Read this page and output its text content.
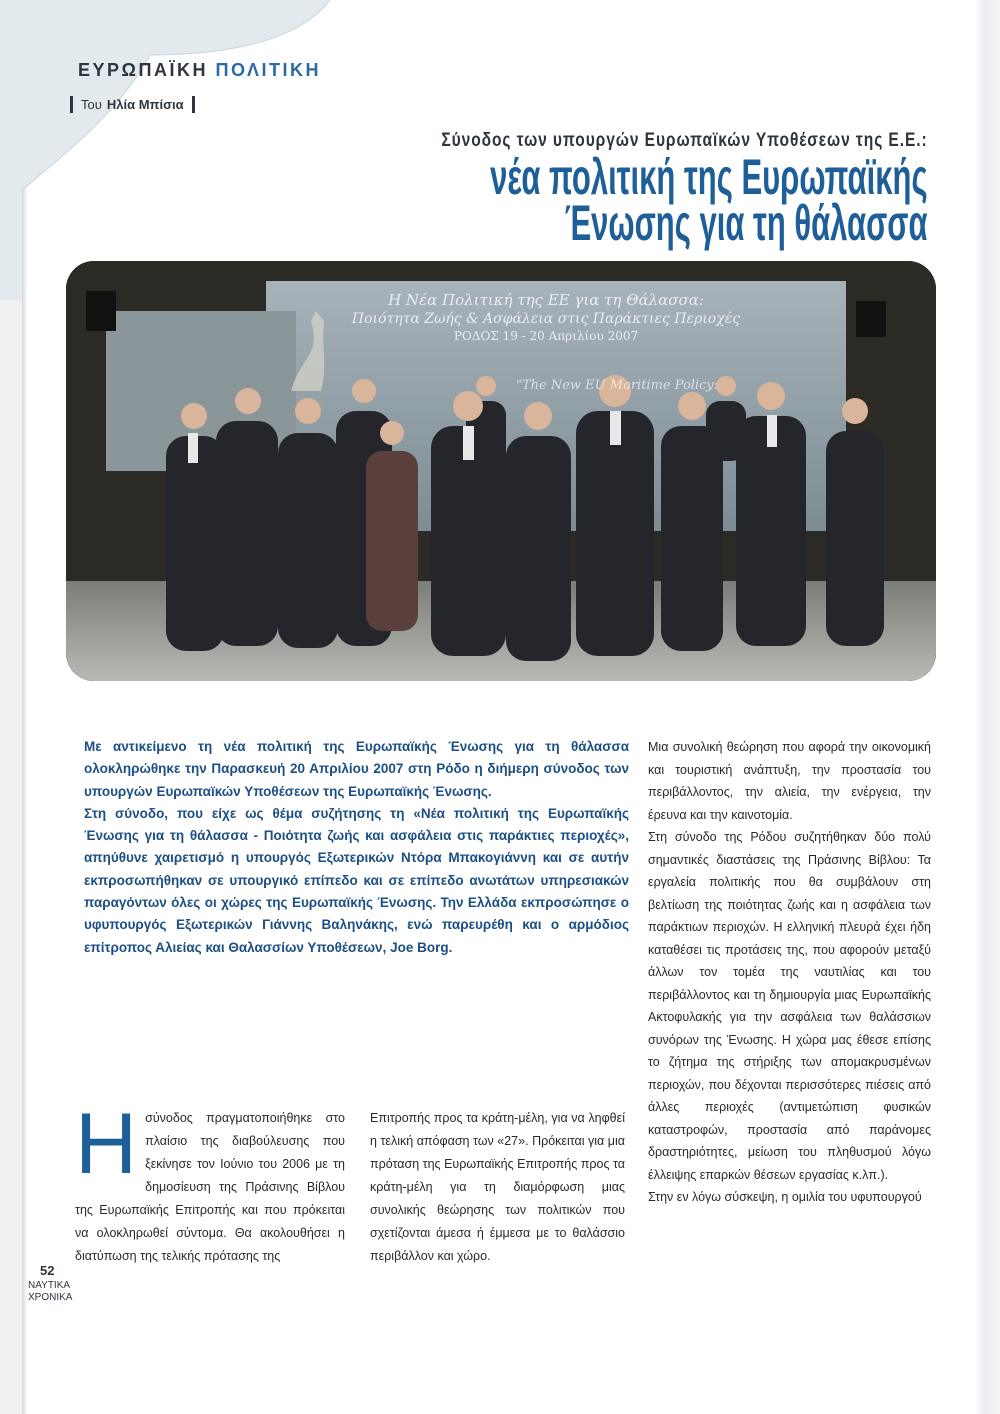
ΕΥΡΩΠΑΪΚΗ ΠΟΛΙΤΙΚΗ
Του Ηλία Μπίσια
Σύνοδος των υπουργών Ευρωπαϊκών Υποθέσεων της Ε.Ε.:
νέα πολιτική της Ευρωπαϊκής
Ένωσης για τη θάλασσα
Η Νέα Πολιτική της ΕΕ για τη Θάλασσα:
Ποιότητα Ζωής & Ασφάλεια στις Παράκτιες Περιοχές
ΡΟΔΟΣ 19 - 20 Απριλίου 2007
"The New EU Maritime Policy:

Με αντικείμενο τη νέα πολιτική της Ευρωπαϊκής Ένωσης για τη θάλασσα ολοκληρώθηκε την Παρασκευή 20 Απριλίου 2007 στη Ρόδο η διήμερη σύνοδος των υπουργών Ευρωπαϊκών Υποθέσεων της Ευρωπαϊκής Ένωσης.

Στη σύνοδο, που είχε ως θέμα συζήτησης τη «Νέα πολιτική της Ευρωπαϊκής Ένωσης για τη θάλασσα - Ποιότητα ζωής και ασφάλεια στις παράκτιες περιοχές», απηύθυνε χαιρετισμό η υπουργός Εξωτερικών Ντόρα Μπακογιάννη και σε αυτήν εκπροσωπήθηκαν σε υπουργικό επίπεδο και σε επίπεδο ανωτάτων υπηρεσιακών παραγόντων όλες οι χώρες της Ευρωπαϊκής Ένωσης. Την Ελλάδα εκπροσώπησε ο υφυπουργός Εξωτερικών Γιάννης Βαληνάκης, ενώ παρευρέθη και ο αρμόδιος επίτροπος Αλιείας και Θαλασσίων Υποθέσεων, Joe Borg.

Μια συνολική θεώρηση που αφορά την οικονομική και τουριστική ανάπτυξη, την προστασία του περιβάλλοντος, την αλιεία, την ενέργεια, την έρευνα και την καινοτομία.

Στη σύνοδο της Ρόδου συζητήθηκαν δύο πολύ σημαντικές διαστάσεις της Πράσινης Βίβλου: Τα εργαλεία πολιτικής που θα συμβάλουν στη βελτίωση της ποιότητας ζωής και η ασφάλεια των παράκτιων περιοχών. Η ελληνική πλευρά έχει ήδη καταθέσει τις προτάσεις της, που αφορούν μεταξύ άλλων τον τομέα της ναυτιλίας και του περιβάλλοντος και τη δημιουργία μιας Ευρωπαϊκής Ακτοφυλακής για την ασφάλεια των θαλάσσιων συνόρων της Ένωσης. Η χώρα μας έθεσε επίσης το ζήτημα της στήριξης των απομακρυσμένων περιοχών, που δέχονται περισσότερες πιέσεις από άλλες περιοχές (αντιμετώπιση φυσικών καταστροφών, προστασία από παράνομες δραστηριότητες, μείωση του πληθυσμού λόγω έλλειψης επαρκών θέσεων εργασίας κ.λπ.).

Στην εν λόγω σύσκεψη, η ομιλία του υφυπουργού

Η σύνοδος πραγματοποιήθηκε στο πλαίσιο της διαβούλευσης που ξεκίνησε τον Ιούνιο του 2006 με τη δημοσίευση της Πράσινης Βίβλου της Ευρωπαϊκής Επιτροπής και που πρόκειται να ολοκληρωθεί σύντομα. Θα ακολουθήσει η διατύπωση της τελικής πρότασης της

Επιτροπής προς τα κράτη-μέλη, για να ληφθεί η τελική απόφαση των «27». Πρόκειται για μια πρόταση της Ευρωπαϊκής Επιτροπής προς τα κράτη-μέλη για τη διαμόρφωση μιας συνολικής θεώρησης των πολιτικών που σχετίζονται άμεσα ή έμμεσα με το θαλάσσιο περιβάλλον και χώρο.

52
ΝΑΥΤΙΚΑ
ΧΡΟΝΙΚΑ
